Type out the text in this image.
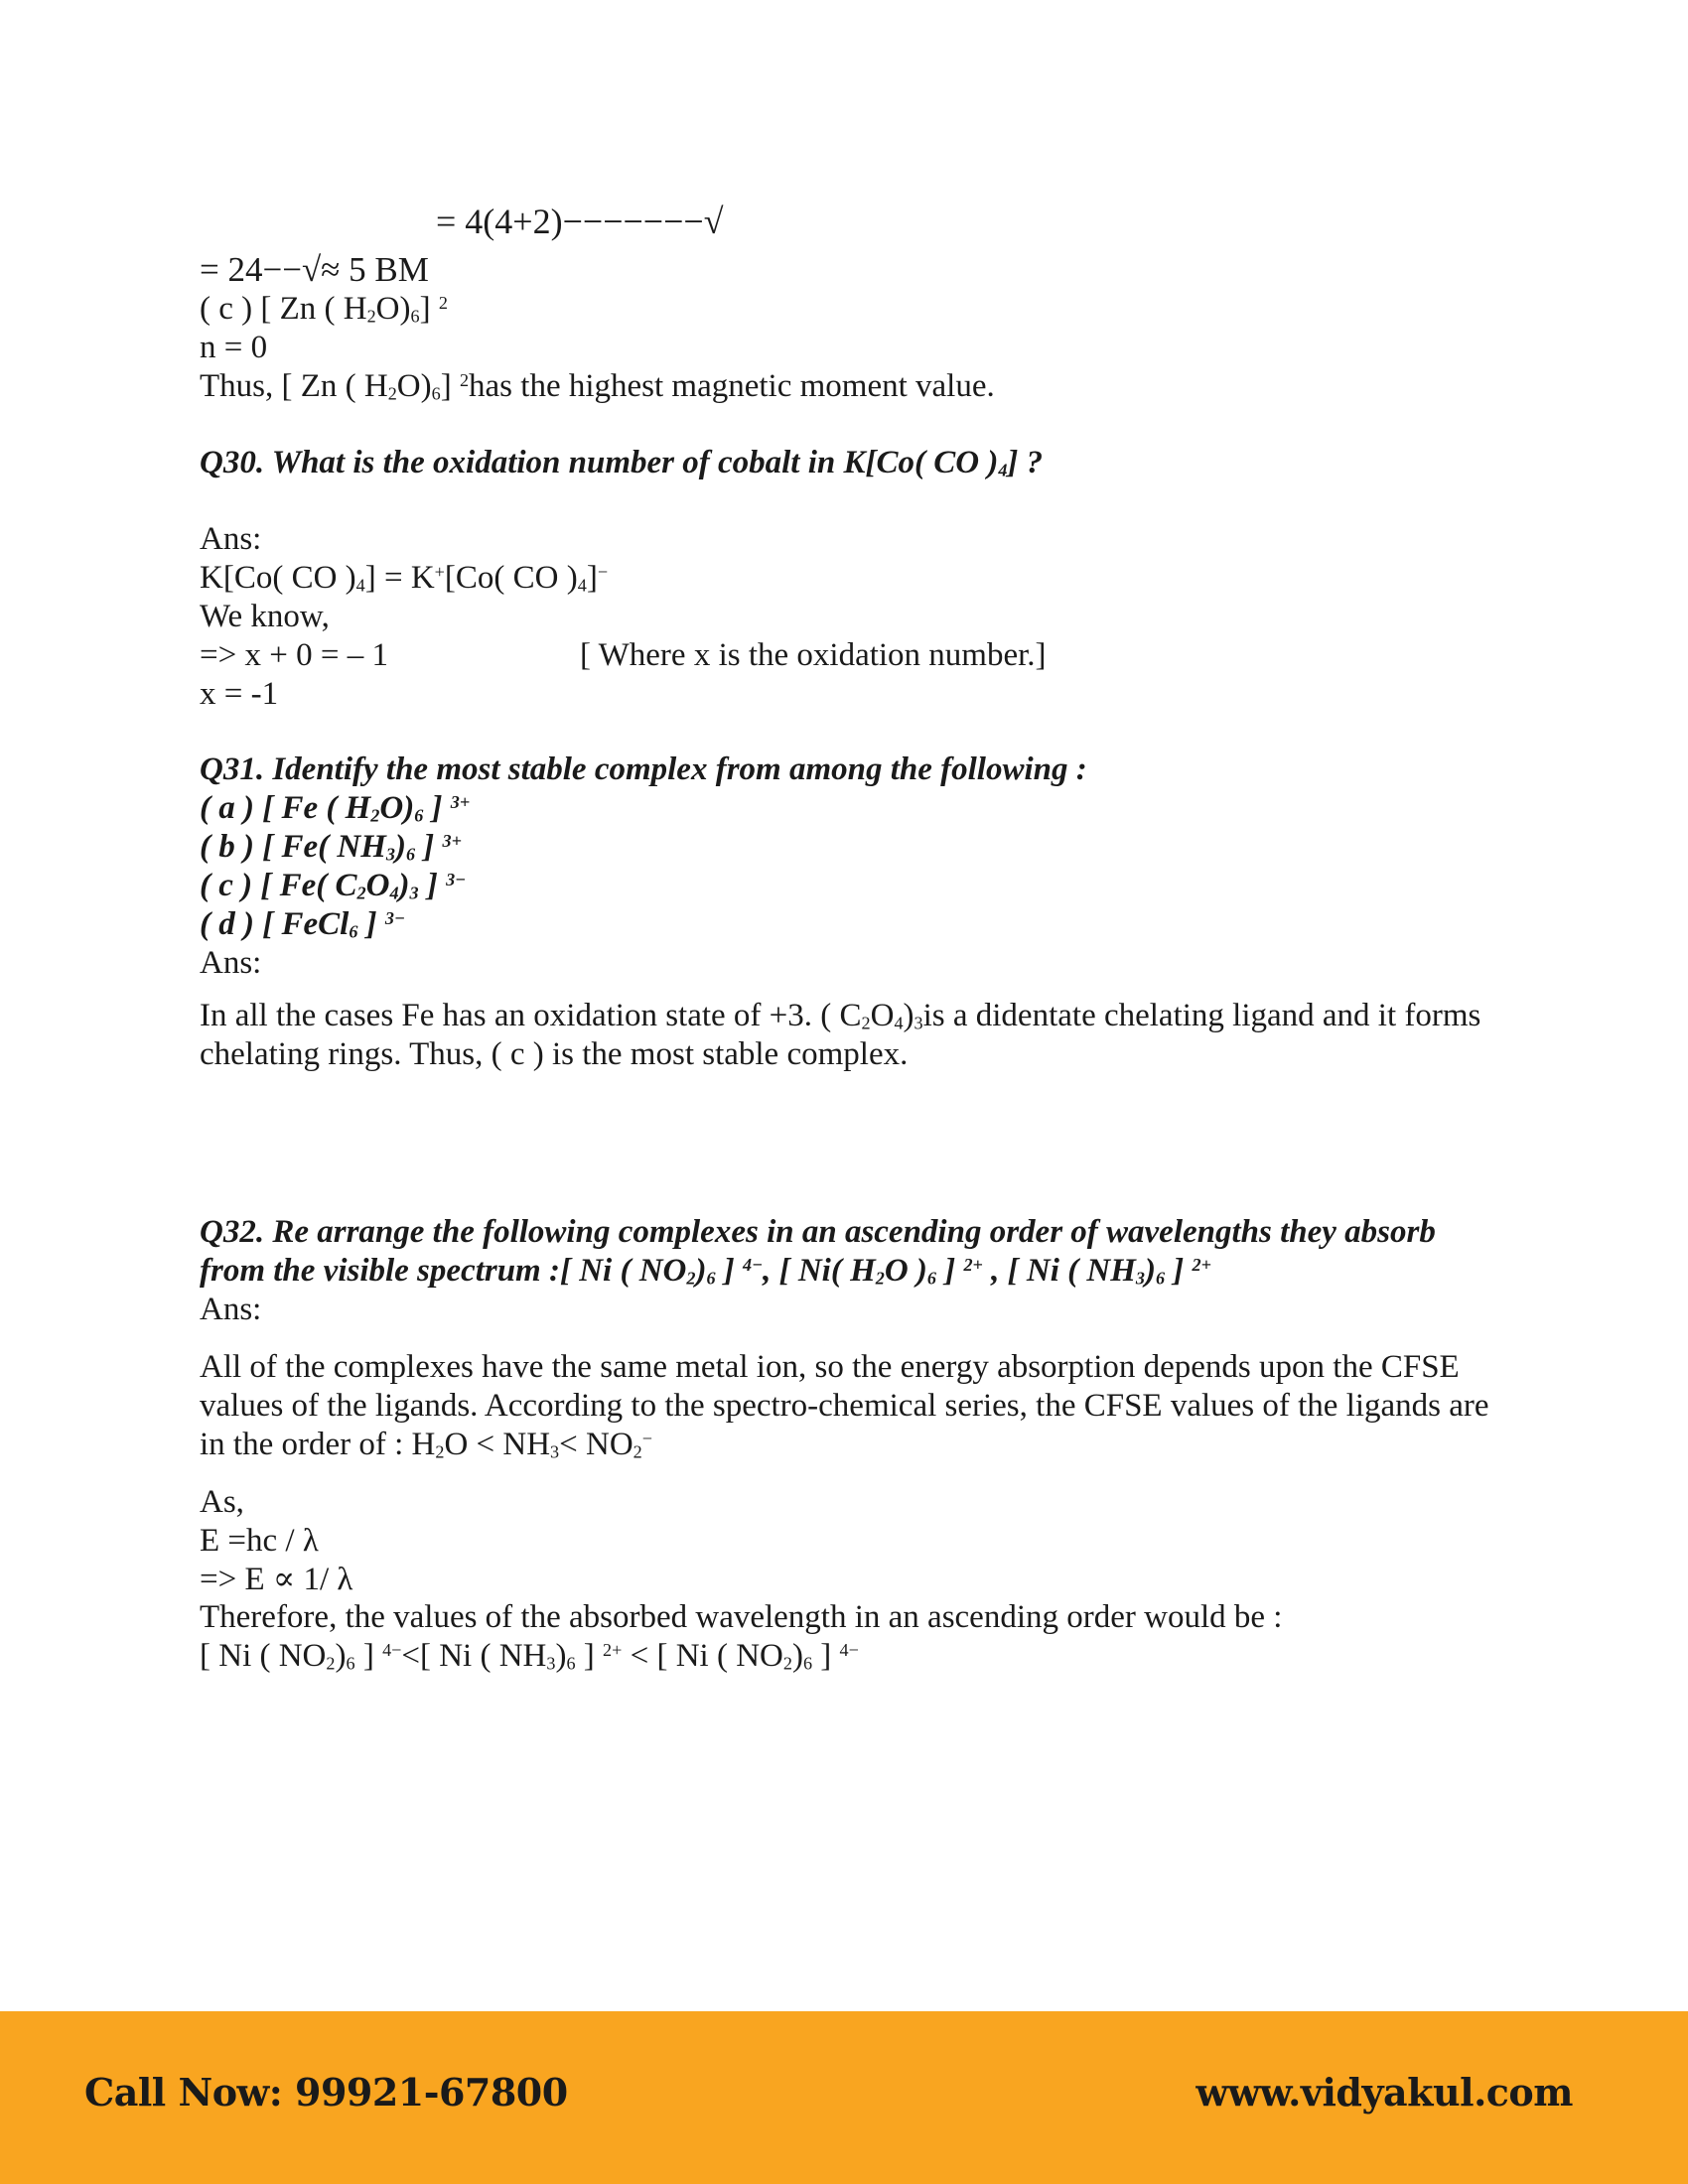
= 4(4+2)−−−−−−−√
= 24−−√≈ 5 BM
( c ) [ Zn ( $H_2O)_6$] $^2$
n = 0
Thus, [ Zn ( $H_2O)_6$] $^2$has the highest magnetic moment value.
Q30. What is the oxidation number of cobalt in K[Co( CO )$_4$] ?
Ans:
K[Co( CO )$_4] = K^+[Co$( CO )$_4]^-$
We know,
=> x + 0 = – 1	[ Where x is the oxidation number.]
x = -1
Q31. Identify the most stable complex from among the following :
( a ) [ Fe ( $H_2O)_6$ ] $^{3+}$
( b ) [ Fe( $NH_3)_6$ ] $^{3+}$
( c ) [ Fe( $C_2O_4)_3$ ] $^{3-}$
( d ) [ FeCl$_6$ ] $^{3-}$
Ans:
In all the cases Fe has an oxidation state of +3. ( $C_2O_4)_3is$ a didentate chelating ligand and it forms chelating rings. Thus, ( c ) is the most stable complex.
Q32. Re arrange the following complexes in an ascending order of wavelengths they absorb from the visible spectrum :[ Ni ( $NO_2)_6$ ] $^{4-}$, [ Ni( $H_2O$ )$_6$ ] $^{2+}$ , [ Ni ( $NH_3)_6$ ] $^{2+}$
Ans:
All of the complexes have the same metal ion, so the energy absorption depends upon the CFSE values of the ligands. According to the spectro-chemical series, the CFSE values of the ligands are in the order of : $H_2O < NH_3< NO_2^-$
As,
E =hc / λ
=> E ∝ 1/ λ
Therefore, the values of the absorbed wavelength in an ascending order would be :
[ Ni ( $NO_2)_6$ ] $^{4-}$<[ Ni ( $NH_3)_6$ ] $^{2+}$ < [ Ni ( $NO_2)_6$ ] $^{4-}$
Call Now: 99921-67800	www.vidyakul.com
